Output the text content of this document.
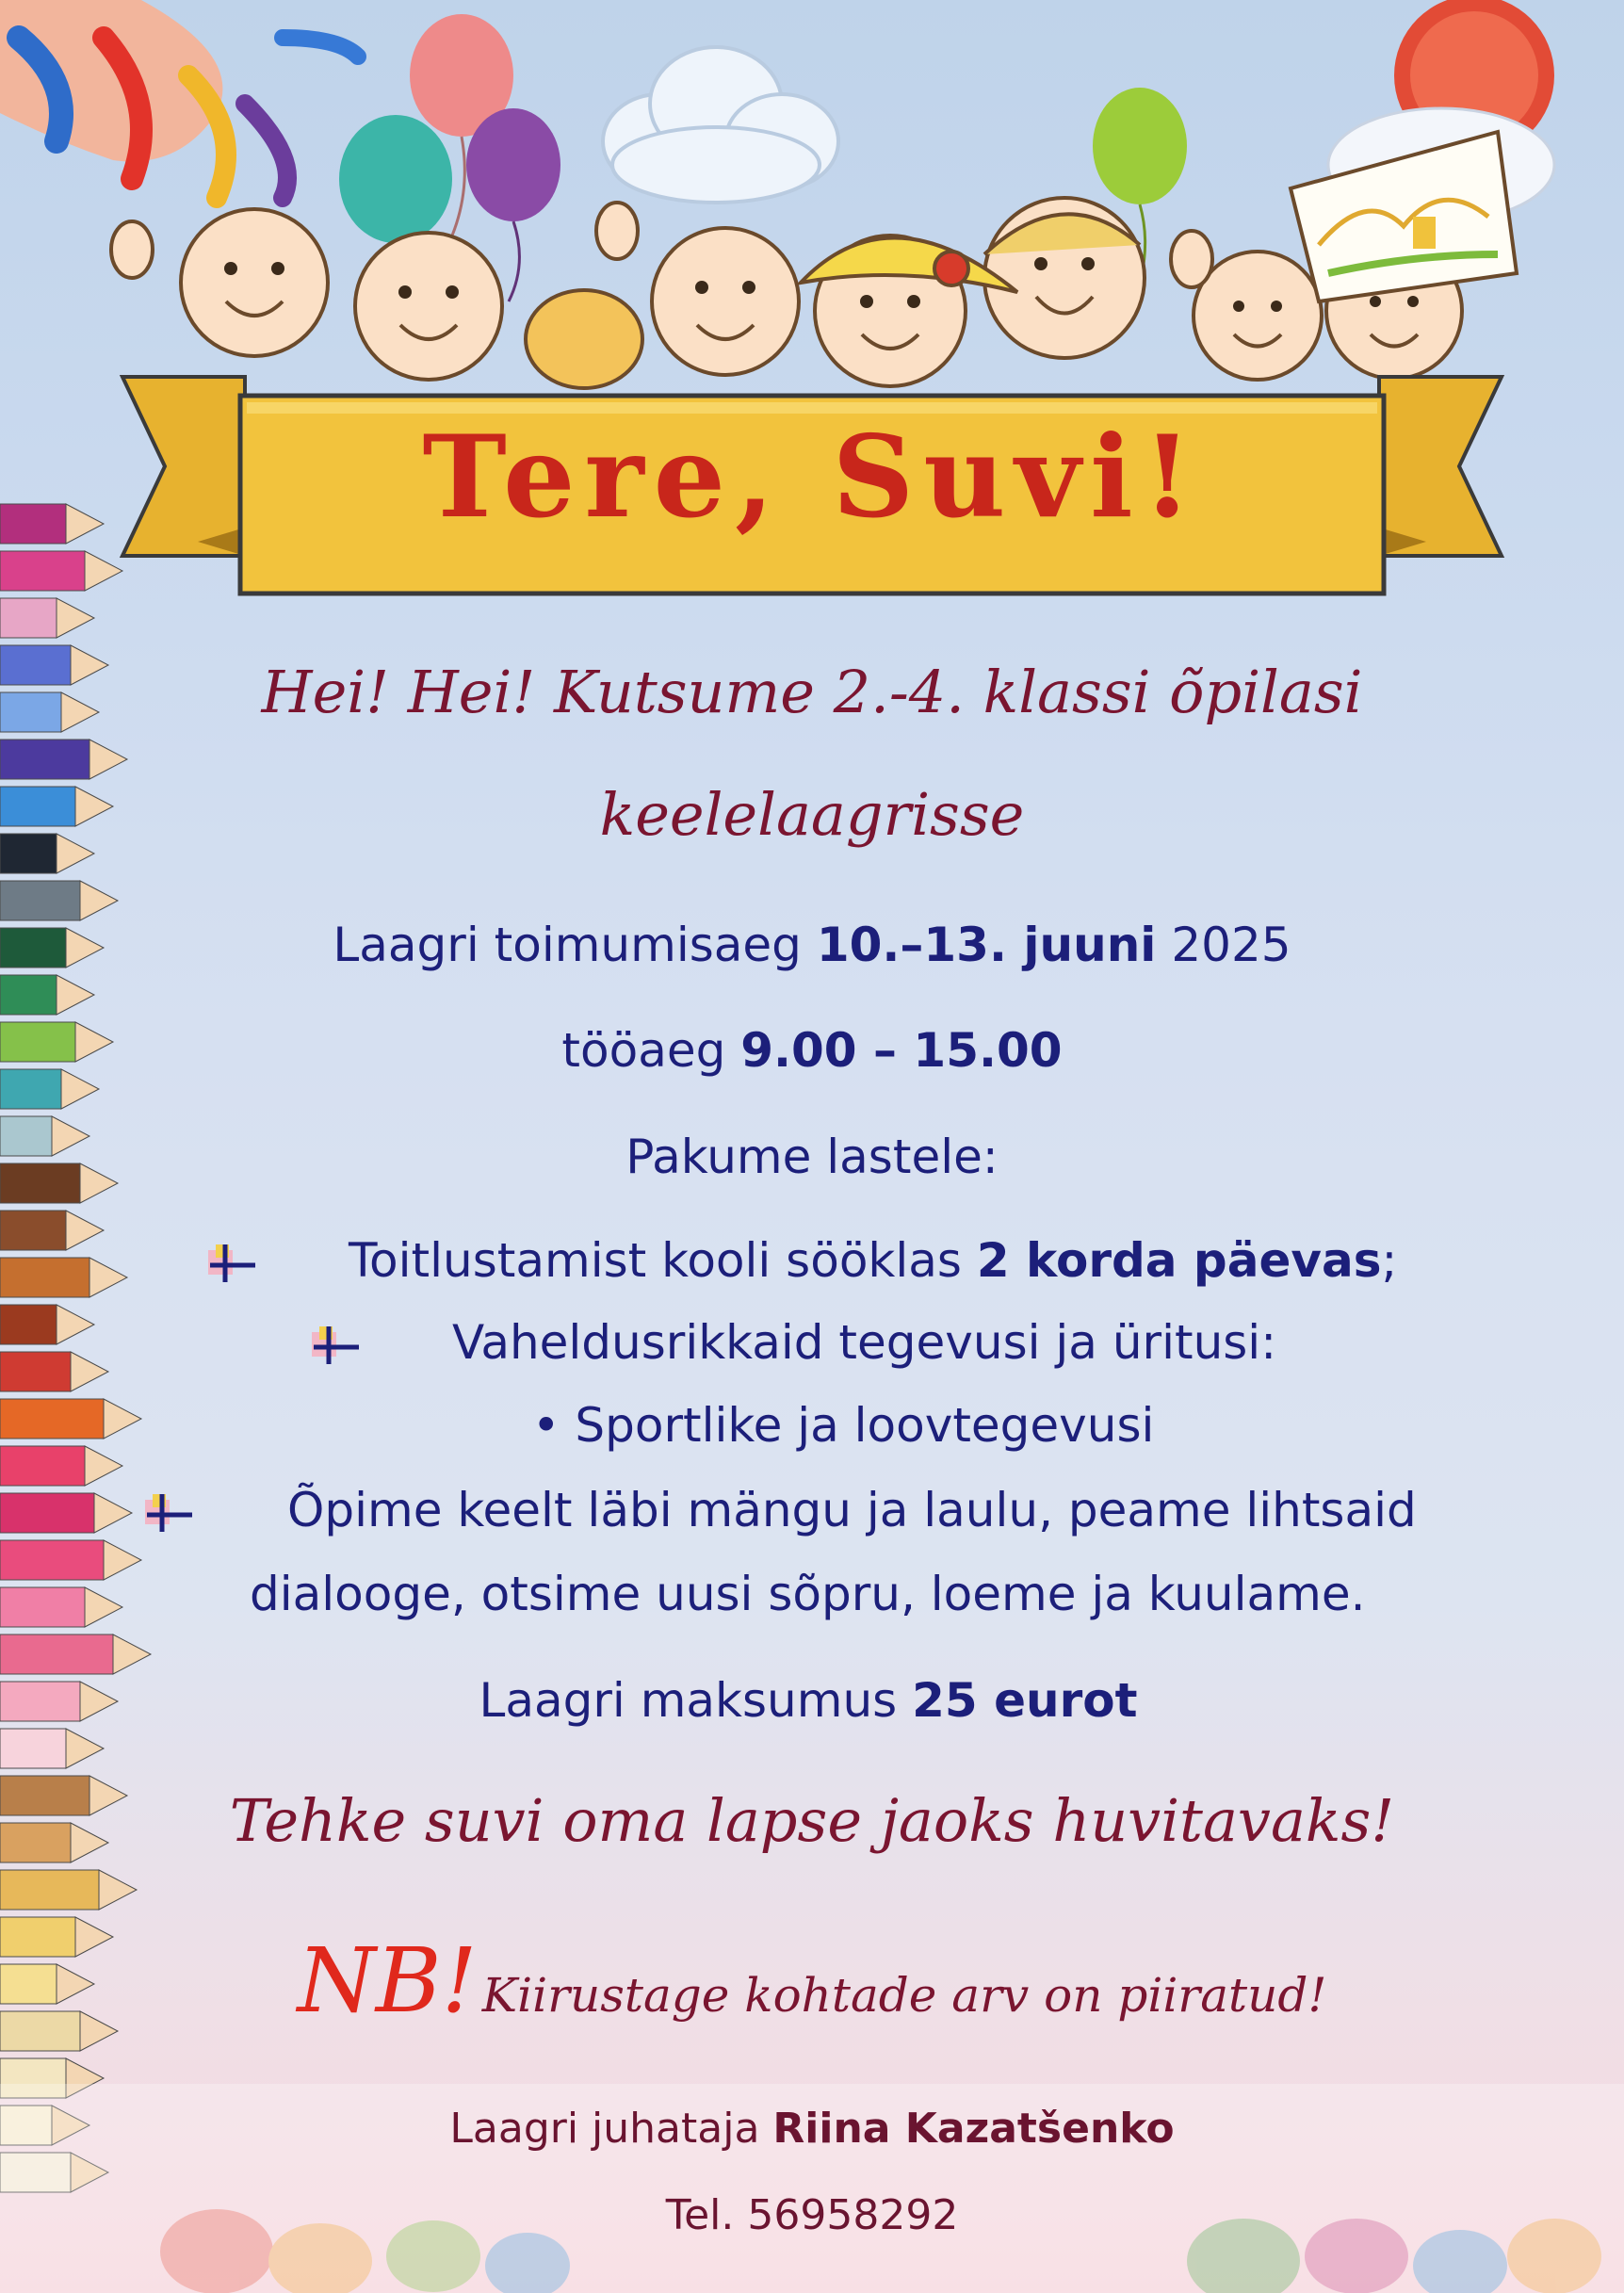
Tere, Suvi!

Hei! Hei! Kutsume 2.-4. klassi õpilasi

keelelaagrisse

Laagri toimumisaeg 10.–13. juuni 2025

tööaeg 9.00 – 15.00

Pakume lastele:

Toitlustamist kooli sööklas 2 korda päevas;

Vaheldusrikkaid tegevusi ja üritusi:

• Sportlike ja loovtegevusi

Õpime keelt läbi mängu ja laulu, peame lihtsaid

dialooge, otsime uusi sõpru, loeme ja kuulame.

Laagri maksumus 25 eurot

Tehke suvi oma lapse jaoks huvitavaks!

NB! Kiirustage kohtade arv on piiratud!

Laagri juhataja Riina Kazatšenko

Tel. 56958292
